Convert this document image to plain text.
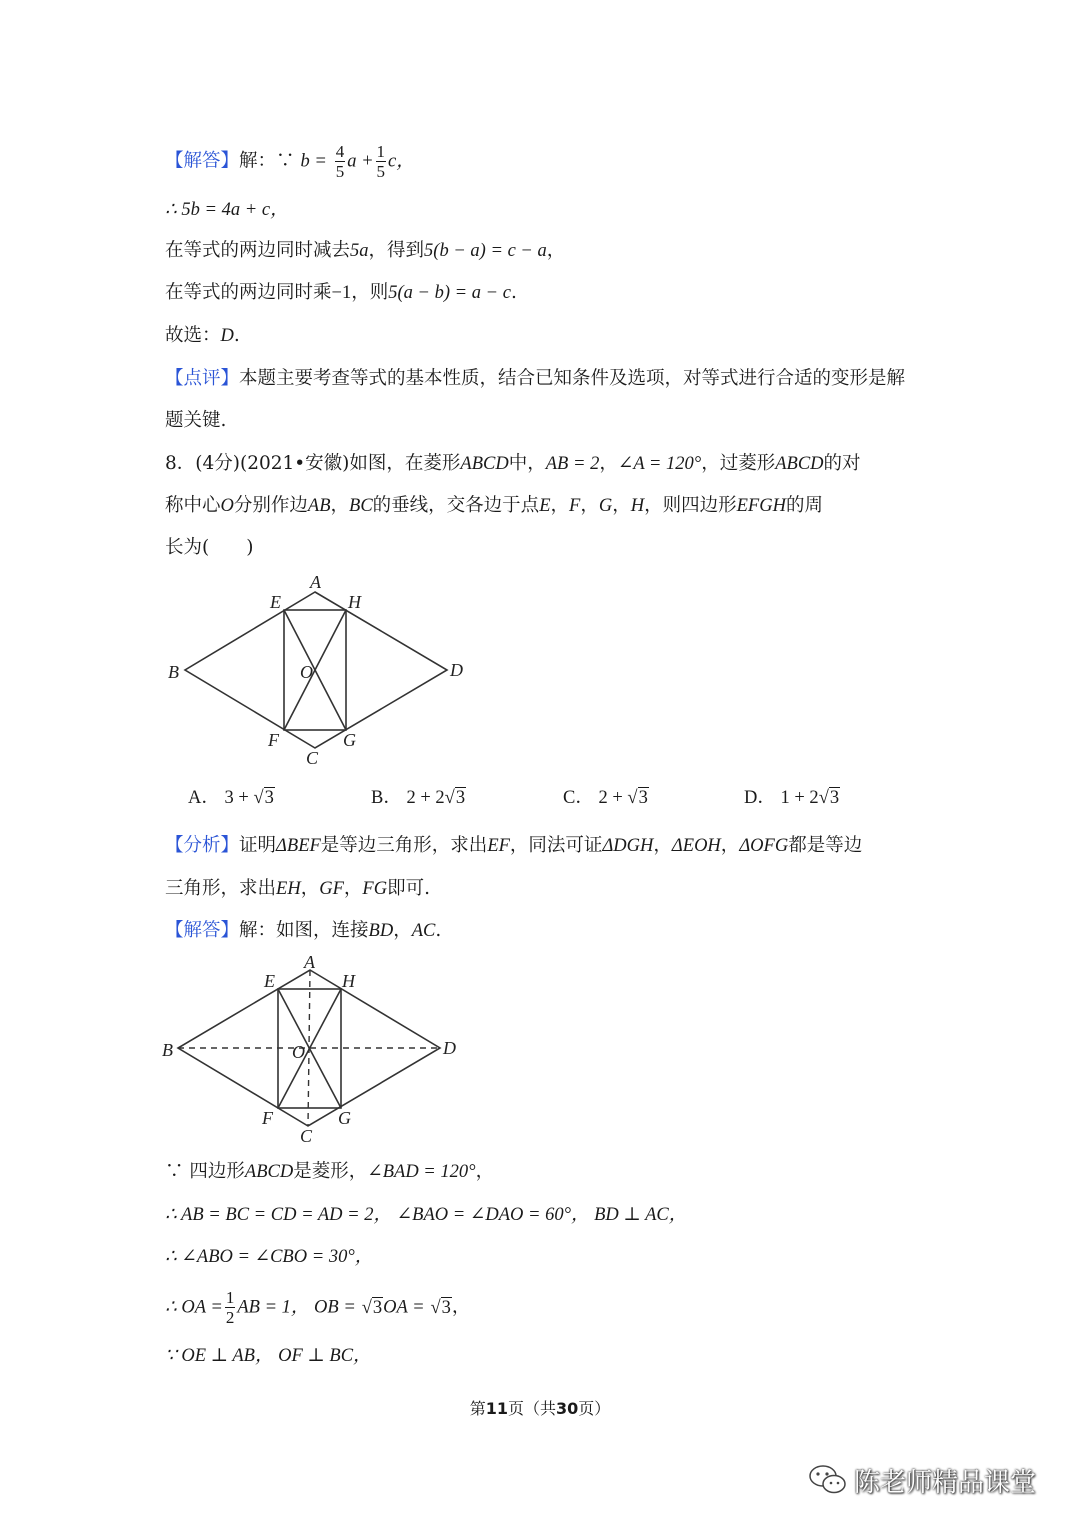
【解答】解：∵ $b = \frac{4}{5}$ $a + \frac{1}{5}$ c，
∴ 5b = 4a + c，
在等式的两边同时减去5a，得到5(b − a) = c − a，
在等式的两边同时乘−1，则5(a − b) = a − c.
故选：D.
【点评】本题主要考查等式的基本性质，结合已知条件及选项，对等式进行合适的变形是解
题关键.
8．(4分)(2021•安徽)如图，在菱形ABCD中，AB = 2，∠A = 120°，过菱形ABCD的对
称中心O分别作边AB，BC的垂线，交各边于点E，F，G，H，则四边形EFGH的周
长为(　　)
A
E	H
B	D
O
F	G
C
A． 3 + √3	B． 2 + 2√3	C． 2 + √3	D． 1 + 2√3
【分析】证明ΔBEF是等边三角形，求出EF，同法可证ΔDGH，ΔEOH，ΔOFG都是等边
三角形，求出EH，GF，FG即可.
【解答】解：如图，连接BD，AC.
A
E	H
B	D
O
F	G
C
∵ 四边形ABCD是菱形，∠BAD = 120°，
∴ AB = BC = CD = AD = 2， ∠BAO = ∠DAO = 60°， BD ⊥ AC，
∴ ∠ABO = ∠CBO = 30°，
∴ OA = $\frac{1}{2}$ AB = 1， OB = √3OA = √3，
∵ OE ⊥ AB， OF ⊥ BC，
第11页（共30页）
陈老师精品课堂
